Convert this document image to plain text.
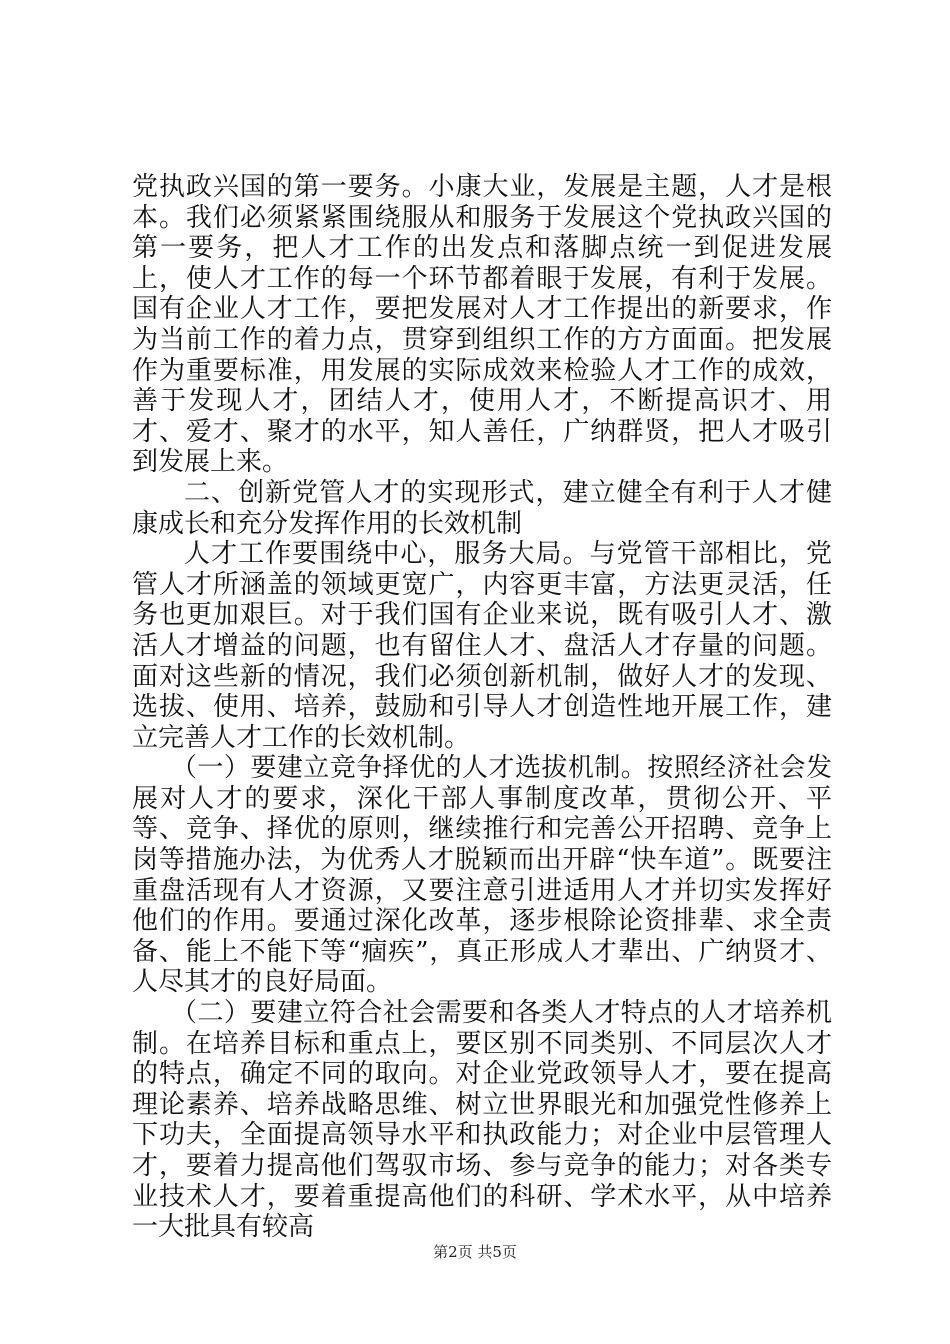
党执政兴国的第一要务。小康大业，发展是主题，人才是根本。我们必须紧紧围绕服从和服务于发展这个党执政兴国的第一要务，把人才工作的出发点和落脚点统一到促进发展上，使人才工作的每一个环节都着眼于发展，有利于发展。国有企业人才工作，要把发展对人才工作提出的新要求，作为当前工作的着力点，贯穿到组织工作的方方面面。把发展作为重要标准，用发展的实际成效来检验人才工作的成效，善于发现人才，团结人才，使用人才，不断提高识才、用才、爱才、聚才的水平，知人善任，广纳群贤，把人才吸引到发展上来。

二、创新党管人才的实现形式，建立健全有利于人才健康成长和充分发挥作用的长效机制

人才工作要围绕中心，服务大局。与党管干部相比，党管人才所涵盖的领域更宽广，内容更丰富，方法更灵活，任务也更加艰巨。对于我们国有企业来说，既有吸引人才、激活人才增益的问题，也有留住人才、盘活人才存量的问题。面对这些新的情况，我们必须创新机制，做好人才的发现、选拔、使用、培养，鼓励和引导人才创造性地开展工作，建立完善人才工作的长效机制。

（一）要建立竞争择优的人才选拔机制。按照经济社会发展对人才的要求，深化干部人事制度改革，贯彻公开、平等、竞争、择优的原则，继续推行和完善公开招聘、竞争上岗等措施办法，为优秀人才脱颖而出开辟“快车道”。既要注重盘活现有人才资源，又要注意引进适用人才并切实发挥好他们的作用。要通过深化改革，逐步根除论资排辈、求全责备、能上不能下等“痼疾”，真正形成人才辈出、广纳贤才、人尽其才的良好局面。

（二）要建立符合社会需要和各类人才特点的人才培养机制。在培养目标和重点上，要区别不同类别、不同层次人才的特点，确定不同的取向。对企业党政领导人才，要在提高理论素养、培养战略思维、树立世界眼光和加强党性修养上下功夫，全面提高领导水平和执政能力；对企业中层管理人才，要着力提高他们驾驭市场、参与竞争的能力；对各类专业技术人才，要着重提高他们的科研、学术水平，从中培养一大批具有较高

第2页 共5页
